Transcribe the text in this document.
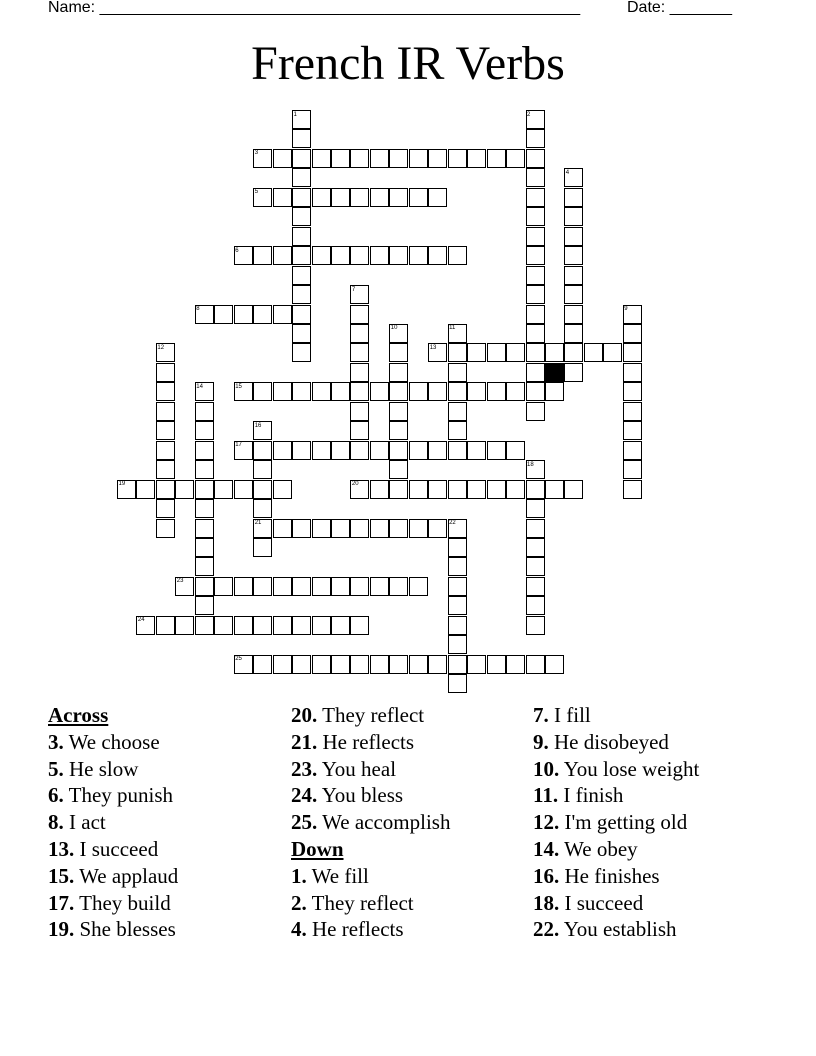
Name: ______________________________________________________	Date: _______
French IR Verbs
1	2
3
4
5
6
7
8	9
10	11
12	13
14	15
16
17
18
19	20
21	22
23
24
25
Across
3. We choose
5. He slow
6. They punish
8. I act
13. I succeed
15. We applaud
17. They build
19. She blesses
20. They reflect
21. He reflects
23. You heal
24. You bless
25. We accomplish
Down
1. We fill
2. They reflect
4. He reflects
7. I fill
9. He disobeyed
10. You lose weight
11. I finish
12. I'm getting old
14. We obey
16. He finishes
18. I succeed
22. You establish
